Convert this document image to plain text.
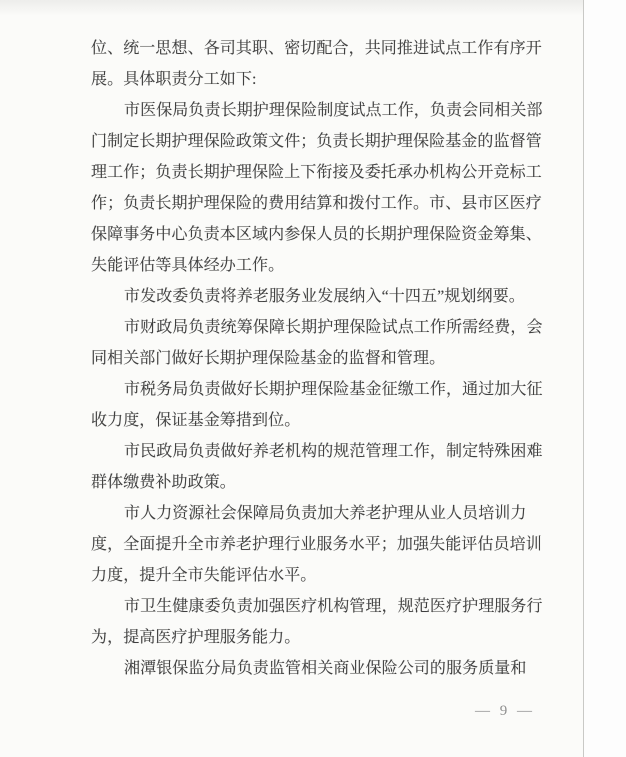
位、统一思想、各司其职、密切配合，共同推进试点工作有序开
展。具体职责分工如下:
市医保局负责长期护理保险制度试点工作，负责会同相关部
门制定长期护理保险政策文件；负责长期护理保险基金的监督管
理工作；负责长期护理保险上下衔接及委托承办机构公开竞标工
作；负责长期护理保险的费用结算和拨付工作。市、县市区医疗
保障事务中心负责本区域内参保人员的长期护理保险资金筹集、
失能评估等具体经办工作。
市发改委负责将养老服务业发展纳入“十四五”规划纲要。
市财政局负责统筹保障长期护理保险试点工作所需经费，会
同相关部门做好长期护理保险基金的监督和管理。
市税务局负责做好长期护理保险基金征缴工作，通过加大征
收力度，保证基金筹措到位。
市民政局负责做好养老机构的规范管理工作，制定特殊困难
群体缴费补助政策。
市人力资源社会保障局负责加大养老护理从业人员培训力
度，全面提升全市养老护理行业服务水平；加强失能评估员培训
力度，提升全市失能评估水平。
市卫生健康委负责加强医疗机构管理，规范医疗护理服务行
为，提高医疗护理服务能力。
湘潭银保监分局负责监管相关商业保险公司的服务质量和
— 9 —
